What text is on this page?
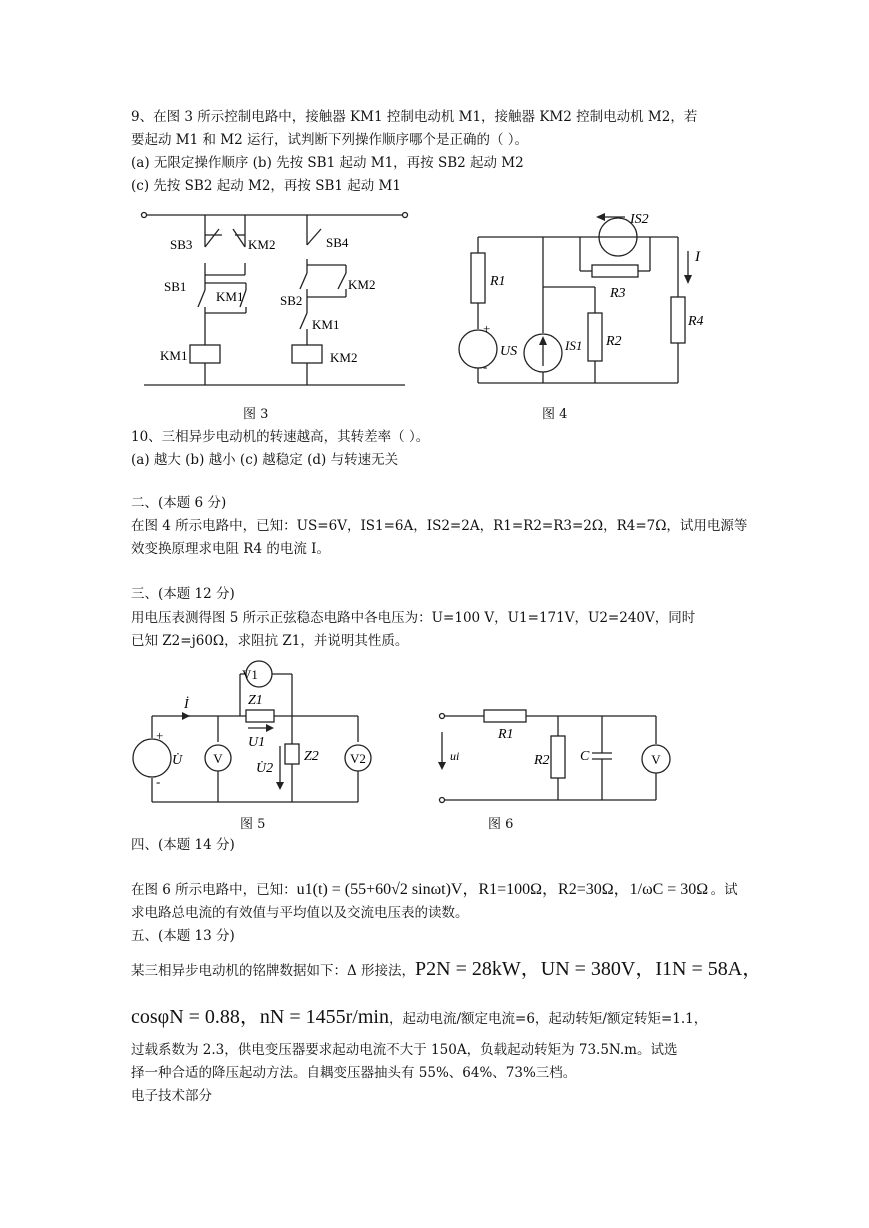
9、在图 3 所示控制电路中，接触器 KM1 控制电动机 M1，接触器 KM2 控制电动机 M2，若
要起动 M1 和 M2 运行，试判断下列操作顺序哪个是正确的（ ）。
(a) 无限定操作顺序 (b) 先按 SB1 起动 M1，再按 SB2 起动 M2
(c) 先按 SB2 起动 M2，再按 SB1 起动 M1
SB3	KM2	SB4
SB1
KM1
KM2
SB2
KM1
KM1	KM2
图 3
IS2
I
R1
R3
R4
R2
IS1
US
+
-
图 4
10、三相异步电动机的转速越高，其转差率（ ）。
(a) 越大 (b) 越小 (c) 越稳定 (d) 与转速无关
二、(本题 6 分)
在图 4 所示电路中，已知：US=6V，IS1=6A，IS2=2A，R1=R2=R3=2Ω，R4=7Ω，试用电源等
效变换原理求电阻 R4 的电流 I。
三、(本题 12 分)
用电压表测得图 5 所示正弦稳态电路中各电压为：U=100 V，U1=171V，U2=240V，同时
已知 Z2=j60Ω，求阻抗 Z1，并说明其性质。
V1
Z1
İ
U1
Z2
V	V2
U̇
U̇2
+
-
图 5
R1
ui	R2 C	V
图 6
四、(本题 14 分)
在图 6 所示电路中，已知：u1(t) = (55+60√2 sinωt)V，R1=100Ω，R2=30Ω，1/ωC = 30Ω 。试
求电路总电流的有效值与平均值以及交流电压表的读数。
五、(本题 13 分)
某三相异步电动机的铭牌数据如下：Δ 形接法，P2N = 28kW，UN = 380V，I1N = 58A，
cosφN = 0.88，nN = 1455r/min，起动电流/额定电流=6，起动转矩/额定转矩=1.1，
过载系数为 2.3，供电变压器要求起动电流不大于 150A，负载起动转矩为 73.5N.m。试选
择一种合适的降压起动方法。自耦变压器抽头有 55%、64%、73%三档。
电子技术部分
